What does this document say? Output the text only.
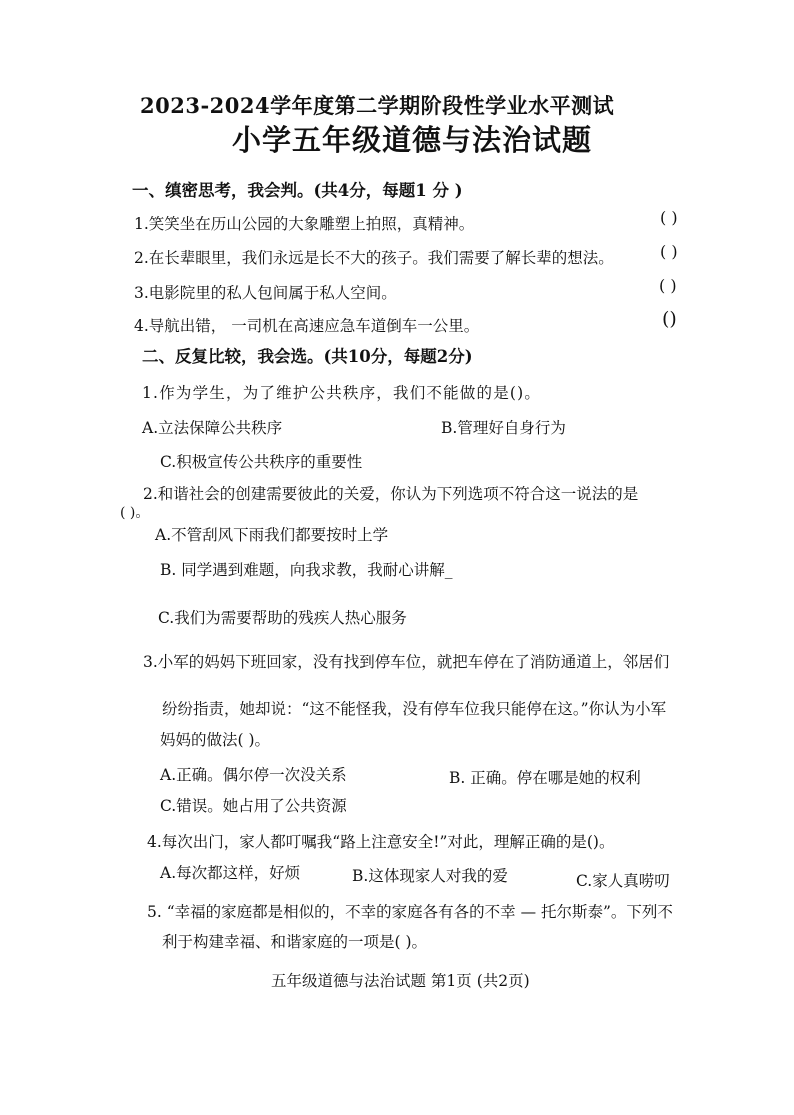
2023-2024学年度第二学期阶段性学业水平测试
小学五年级道德与法治试题
一、缜密思考，我会判。(共4分，每题1 分 )
1.笑笑坐在历山公园的大象雕塑上拍照，真精神。	( )
2.在长辈眼里，我们永远是长不大的孩子。我们需要了解长辈的想法。	( )
3.电影院里的私人包间属于私人空间。	( )
4.导航出错， 一司机在高速应急车道倒车一公里。	()
二、反复比较，我会选。(共10分，每题2分)
1.作为学生，为了维护公共秩序，我们不能做的是()。
A.立法保障公共秩序	B.管理好自身行为
C.积极宣传公共秩序的重要性
2.和谐社会的创建需要彼此的关爱，你认为下列选项不符合这一说法的是
( )。
A.不管刮风下雨我们都要按时上学
B. 同学遇到难题，向我求教，我耐心讲解_
C.我们为需要帮助的残疾人热心服务
3.小军的妈妈下班回家，没有找到停车位，就把车停在了消防通道上，邻居们
纷纷指责，她却说：“这不能怪我，没有停车位我只能停在这。”你认为小军
妈妈的做法( )。
A.正确。偶尔停一次没关系	B. 正确。停在哪是她的权利
C.错误。她占用了公共资源
4.每次出门，家人都叮嘱我“路上注意安全!”对此，理解正确的是()。
A.每次都这样，好烦	B.这体现家人对我的爱	C.家人真唠叨
5. “幸福的家庭都是相似的，不幸的家庭各有各的不幸 — 托尔斯泰”。下列不
利于构建幸福、和谐家庭的一项是( )。
五年级道德与法治试题 第1页 (共2页)
